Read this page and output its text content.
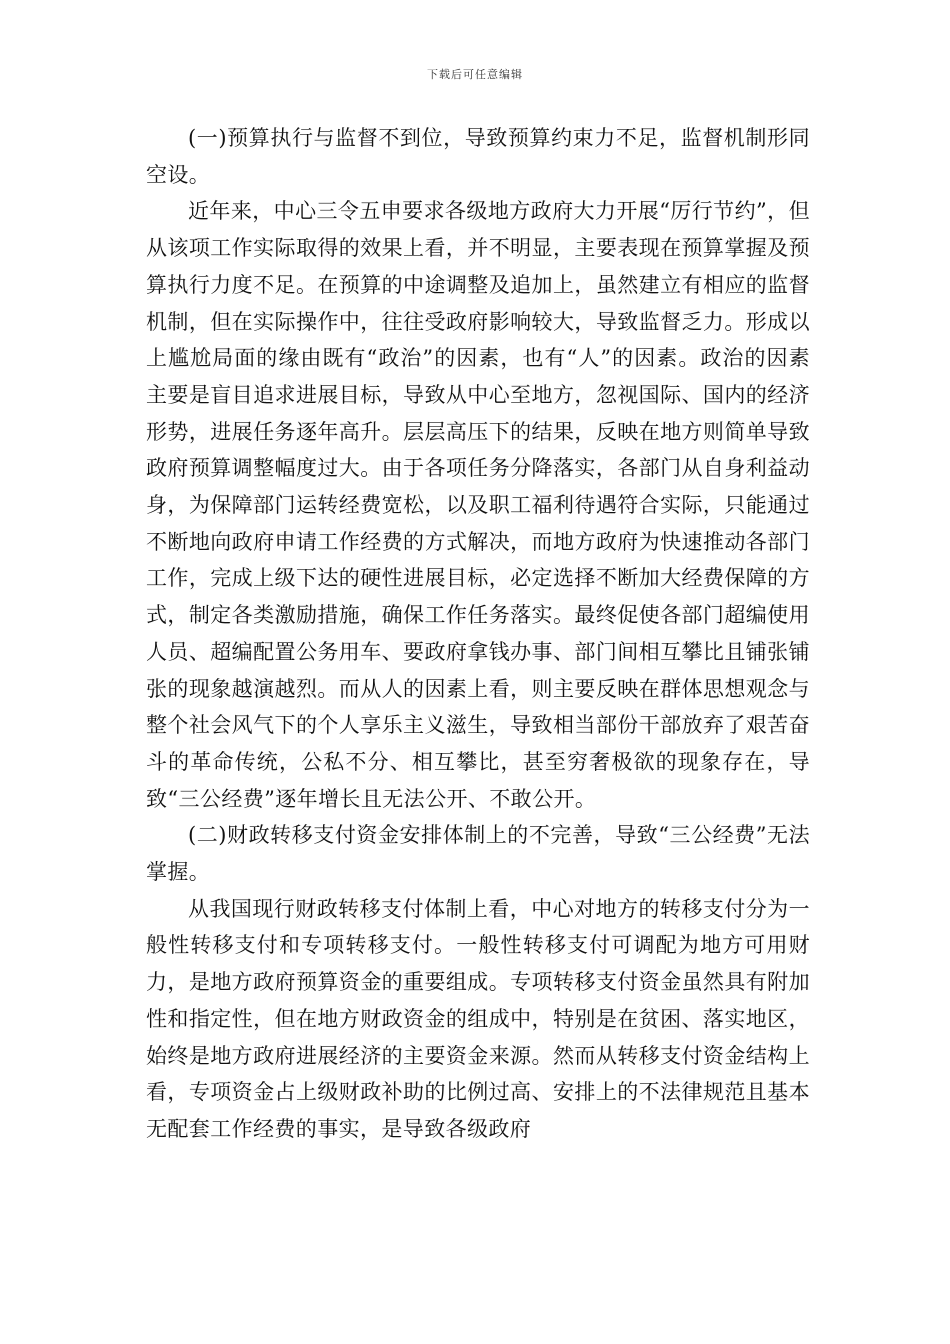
下载后可任意编辑

(一)预算执行与监督不到位，导致预算约束力不足，监督机制形同空设。

近年来，中心三令五申要求各级地方政府大力开展“厉行节约”，但从该项工作实际取得的效果上看，并不明显，主要表现在预算掌握及预算执行力度不足。在预算的中途调整及追加上，虽然建立有相应的监督机制，但在实际操作中，往往受政府影响较大，导致监督乏力。形成以上尴尬局面的缘由既有“政治”的因素，也有“人”的因素。政治的因素主要是盲目追求进展目标，导致从中心至地方，忽视国际、国内的经济形势，进展任务逐年高升。层层高压下的结果，反映在地方则简单导致政府预算调整幅度过大。由于各项任务分降落实，各部门从自身利益动身，为保障部门运转经费宽松，以及职工福利待遇符合实际，只能通过不断地向政府申请工作经费的方式解决，而地方政府为快速推动各部门工作，完成上级下达的硬性进展目标，必定选择不断加大经费保障的方式，制定各类激励措施，确保工作任务落实。最终促使各部门超编使用人员、超编配置公务用车、要政府拿钱办事、部门间相互攀比且铺张铺张的现象越演越烈。而从人的因素上看，则主要反映在群体思想观念与整个社会风气下的个人享乐主义滋生，导致相当部份干部放弃了艰苦奋斗的革命传统，公私不分、相互攀比，甚至穷奢极欲的现象存在，导致“三公经费”逐年增长且无法公开、不敢公开。

(二)财政转移支付资金安排体制上的不完善，导致“三公经费”无法掌握。

从我国现行财政转移支付体制上看，中心对地方的转移支付分为一般性转移支付和专项转移支付。一般性转移支付可调配为地方可用财力，是地方政府预算资金的重要组成。专项转移支付资金虽然具有附加性和指定性，但在地方财政资金的组成中，特别是在贫困、落实地区，始终是地方政府进展经济的主要资金来源。然而从转移支付资金结构上看，专项资金占上级财政补助的比例过高、安排上的不法律规范且基本无配套工作经费的事实，是导致各级政府
